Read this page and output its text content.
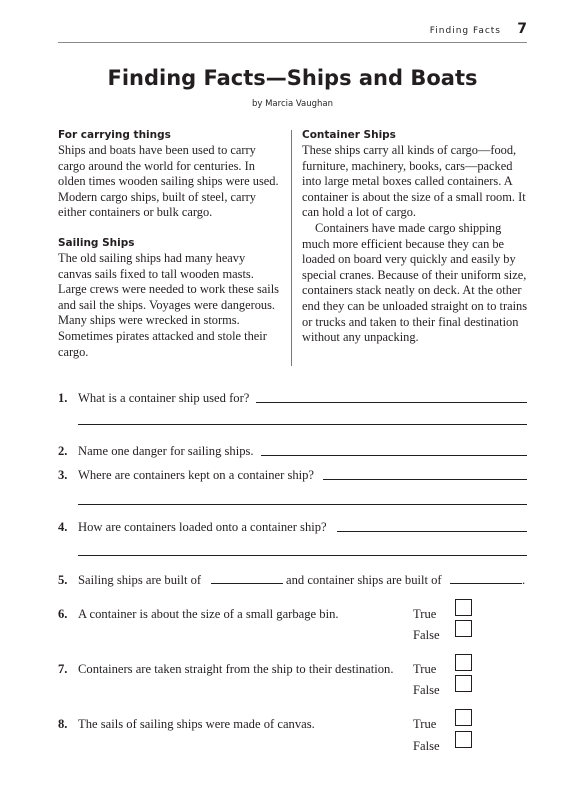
Finding Facts 7
Finding Facts—Ships and Boats
by Marcia Vaughan
For carrying things

Ships and boats have been used to carry cargo around the world for centuries. In olden times wooden sailing ships were used. Modern cargo ships, built of steel, carry either containers or bulk cargo.

Sailing Ships

The old sailing ships had many heavy canvas sails fixed to tall wooden masts. Large crews were needed to work these sails and sail the ships. Voyages were dangerous. Many ships were wrecked in storms. Sometimes pirates attacked and stole their cargo.

Container Ships

These ships carry all kinds of cargo—food, furniture, machinery, books, cars—packed into large metal boxes called containers. A container is about the size of a small room. It can hold a lot of cargo.

Containers have made cargo shipping much more efficient because they can be loaded on board very quickly and easily by special cranes. Because of their uniform size, containers stack neatly on deck. At the other end they can be unloaded straight on to trains or trucks and taken to their final destination without any unpacking.

1. What is a container ship used for?
2. Name one danger for sailing ships.
3. Where are containers kept on a container ship?
4. How are containers loaded onto a container ship?
5. Sailing ships are built of	and container ships are built of	.
6. A container is about the size of a small garbage bin.	True
False
7. Containers are taken straight from the ship to their destination. True
False
8. The sails of sailing ships were made of canvas.	True
False
